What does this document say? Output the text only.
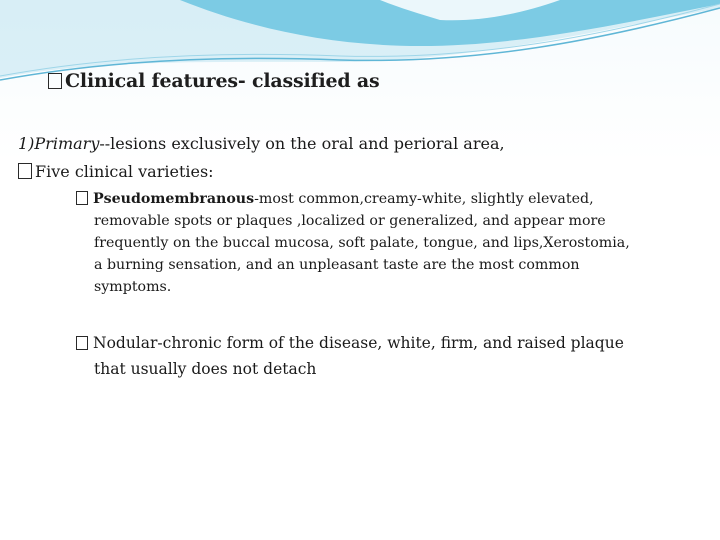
Clinical features- classified as
1)Primary--lesions exclusively on the oral and perioral area,
Five clinical varieties:
Pseudomembranous-most common,creamy-white, slightly elevated,
removable spots or plaques ,localized or generalized, and appear more
frequently on the buccal mucosa, soft palate, tongue, and lips,Xerostomia,
a burning sensation, and an unpleasant taste are the most common
symptoms.
Nodular-chronic form of the disease, white, firm, and raised plaque
that usually does not detach
